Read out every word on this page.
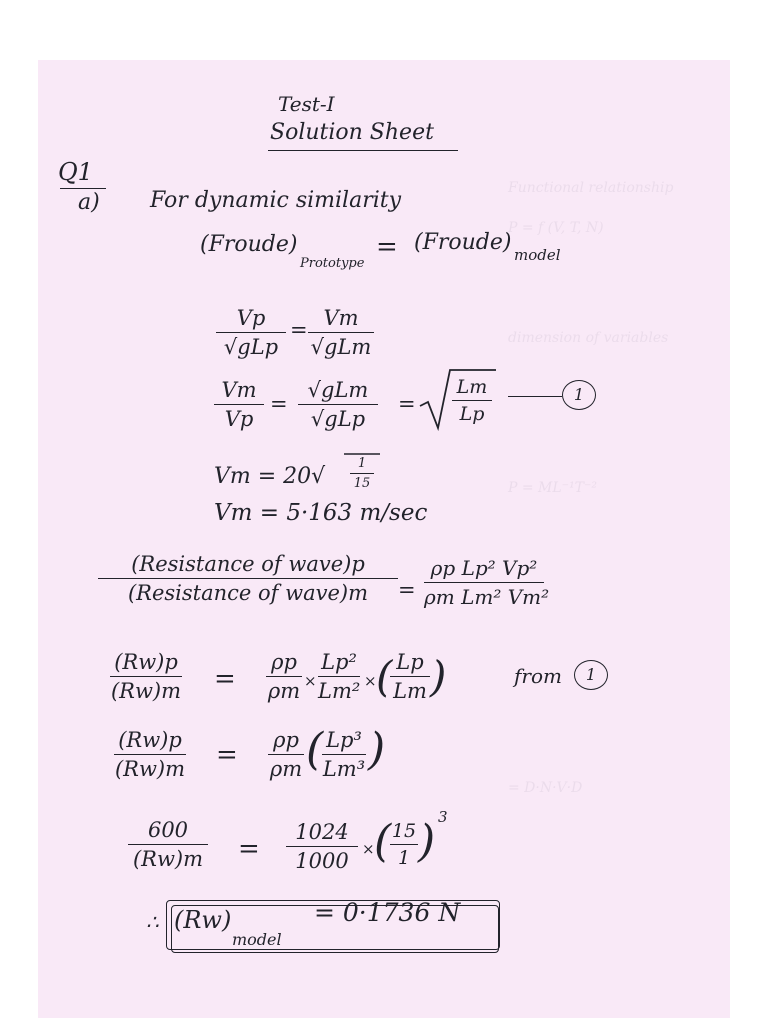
Functional relationship
P = f (V, T, N)
dimension of variables
P = ML⁻¹T⁻²
= D·N·V·D
Test-I
Solution Sheet
Q1
a) For dynamic similarity
(Froude)
Prototype
= (Froude) model
Vp
√gLp
= Vm
√gLm
Vm
Vp
=
√gLm
√gLp
=
Lm
Lp
1
Vm = 20√
1
15
Vm = 5·163 m/sec
(Resistance of wave)p
(Resistance of wave)m	=
ρp Lp² Vp²
ρm Lm² Vm²
(Rw)p
(Rw)m =
ρp
ρm ×
Lp²
Lm² × ( Lp
Lm )	from	1
(Rw)p
(Rw)m = ρp
ρm ( Lp³
Lm³ )
600
(Rw)m =
1024
1000 × ( 15
1 ) 3
∴ (Rw)
model
= 0·1736 N
